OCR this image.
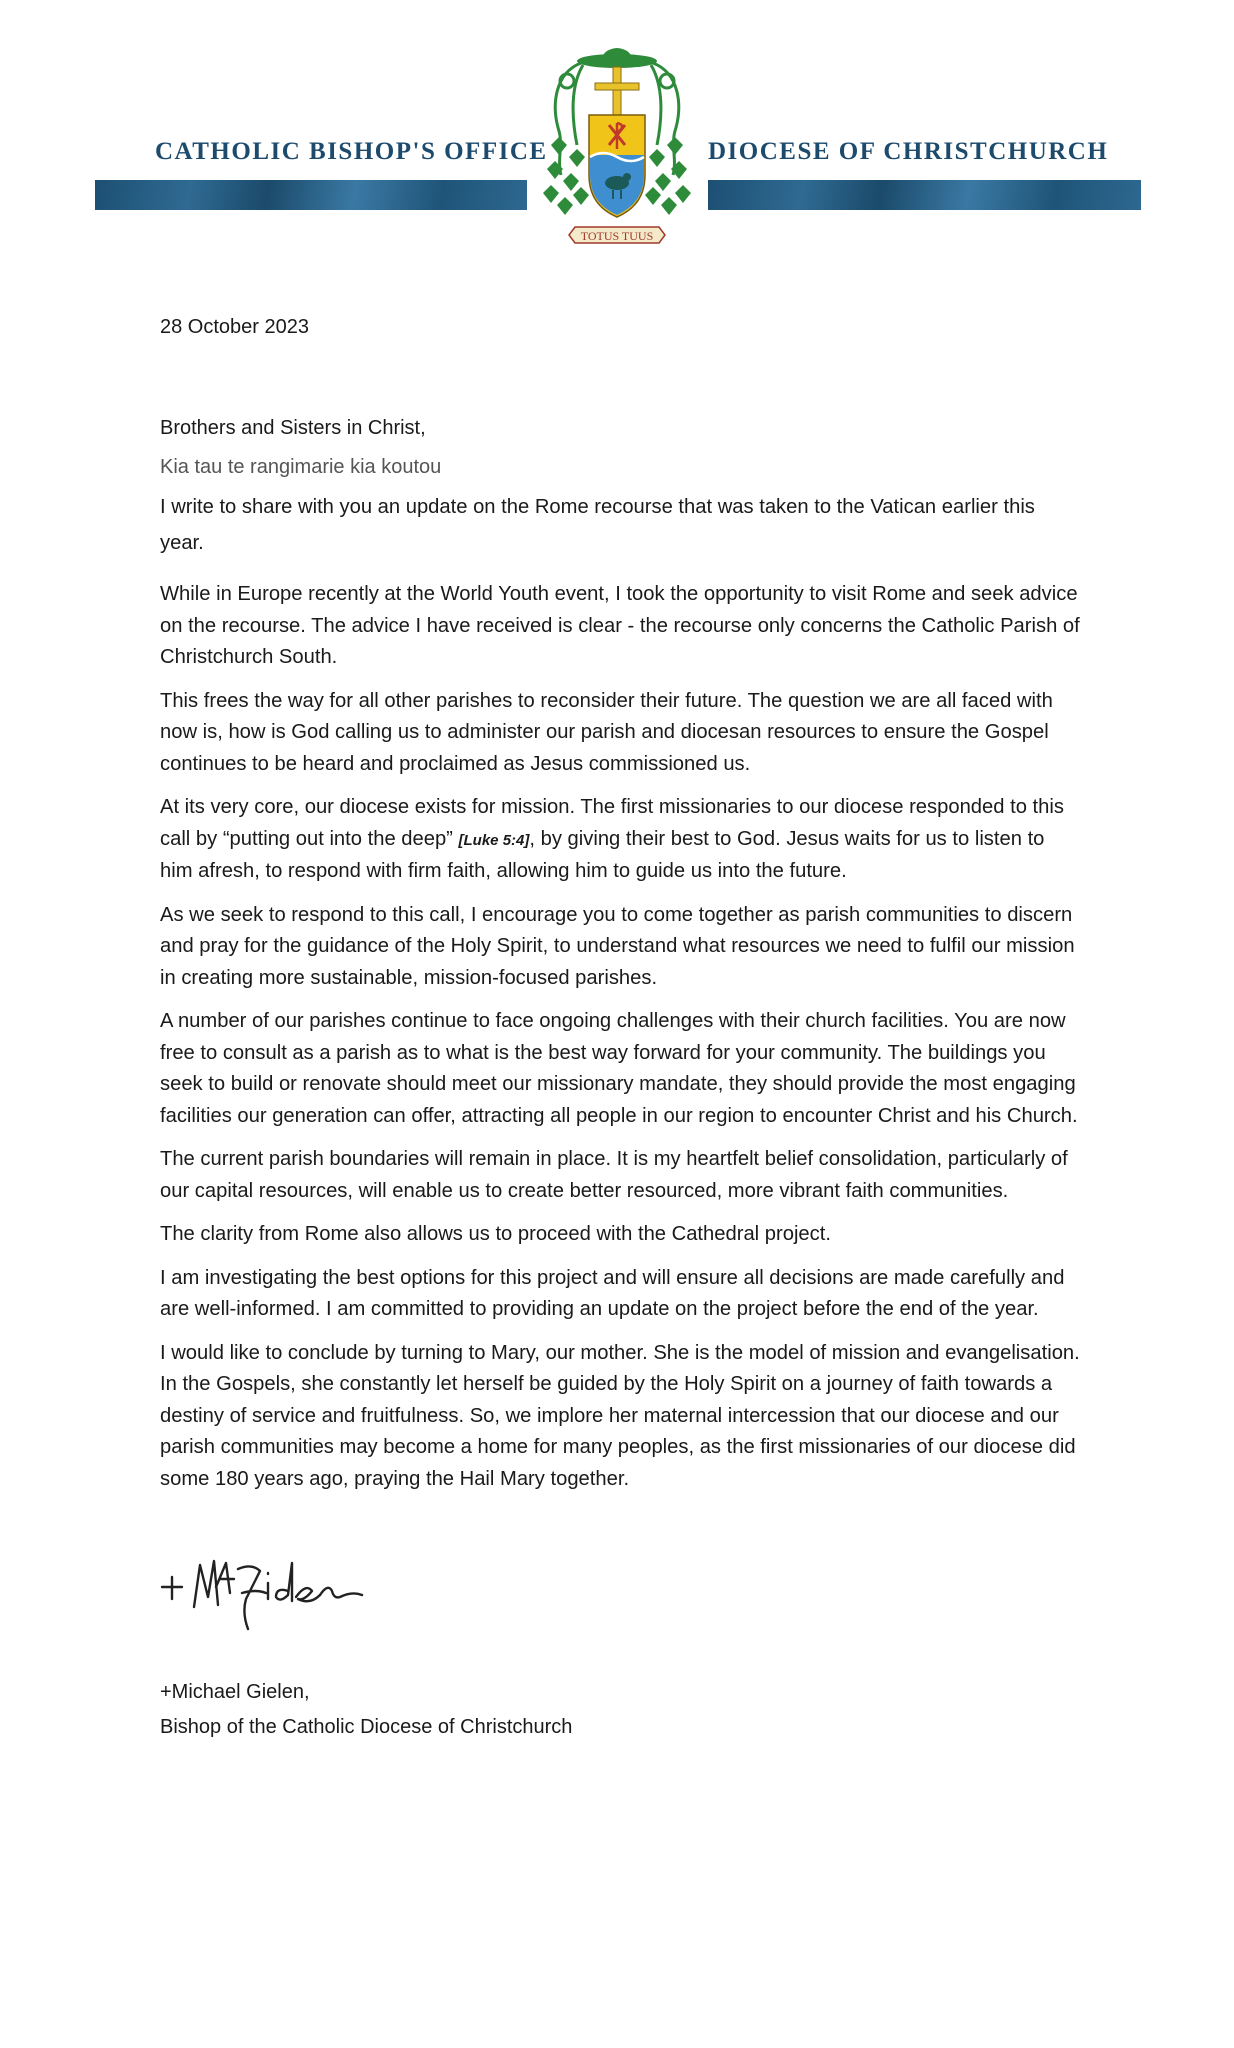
CATHOLIC BISHOP'S OFFICE	DIOCESE OF CHRISTCHURCH
TOTUS TUUS

28 October 2023

Brothers and Sisters in Christ,

Kia tau te rangimarie kia koutou

I write to share with you an update on the Rome recourse that was taken to the Vatican earlier this year.

While in Europe recently at the World Youth event, I took the opportunity to visit Rome and seek advice on the recourse. The advice I have received is clear - the recourse only concerns the Catholic Parish of Christchurch South.

This frees the way for all other parishes to reconsider their future. The question we are all faced with now is, how is God calling us to administer our parish and diocesan resources to ensure the Gospel continues to be heard and proclaimed as Jesus commissioned us.

At its very core, our diocese exists for mission. The first missionaries to our diocese responded to this call by “putting out into the deep” [Luke 5:4], by giving their best to God. Jesus waits for us to listen to him afresh, to respond with firm faith, allowing him to guide us into the future.

As we seek to respond to this call, I encourage you to come together as parish communities to discern and pray for the guidance of the Holy Spirit, to understand what resources we need to fulfil our mission in creating more sustainable, mission-focused parishes.

A number of our parishes continue to face ongoing challenges with their church facilities. You are now free to consult as a parish as to what is the best way forward for your community. The buildings you seek to build or renovate should meet our missionary mandate, they should provide the most engaging facilities our generation can offer, attracting all people in our region to encounter Christ and his Church.

The current parish boundaries will remain in place. It is my heartfelt belief consolidation, particularly of our capital resources, will enable us to create better resourced, more vibrant faith communities.

The clarity from Rome also allows us to proceed with the Cathedral project.

I am investigating the best options for this project and will ensure all decisions are made carefully and are well-informed. I am committed to providing an update on the project before the end of the year.

I would like to conclude by turning to Mary, our mother. She is the model of mission and evangelisation. In the Gospels, she constantly let herself be guided by the Holy Spirit on a journey of faith towards a destiny of service and fruitfulness. So, we implore her maternal intercession that our diocese and our parish communities may become a home for many peoples, as the first missionaries of our diocese did some 180 years ago, praying the Hail Mary together.

+Michael Gielen,

Bishop of the Catholic Diocese of Christchurch
